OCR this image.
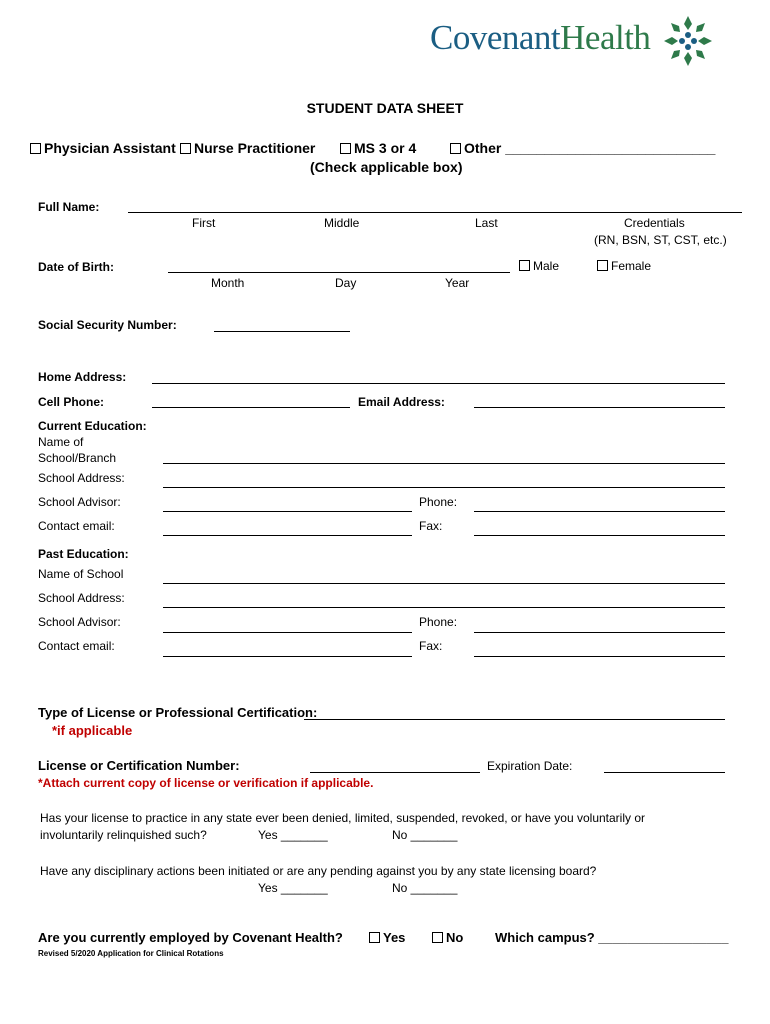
CovenantHealth
STUDENT DATA SHEET
Physician Assistant	Nurse Practitioner	MS 3 or 4	Other ___________________________
(Check applicable box)
Full Name:
First	Middle	Last	Credentials
(RN, BSN, ST, CST, etc.)
Date of Birth:	Male	Female
Month	Day	Year
Social Security Number:
Home Address:
Cell Phone:	Email Address:
Current Education:
Name of
School/Branch
School Address:
School Advisor:	Phone:
Contact email:	Fax:
Past Education:
Name of School
School Address:
School Advisor:	Phone:
Contact email:	Fax:
Type of License or Professional Certification:
*if applicable
License or Certification Number:	Expiration Date:
*Attach current copy of license or verification if applicable.
Has your license to practice in any state ever been denied, limited, suspended, revoked, or have you voluntarily or
involuntarily relinquished such?	Yes _______	No _______
Have any disciplinary actions been initiated or are any pending against you by any state licensing board?
Yes _______	No _______
Are you currently employed by Covenant Health?	Yes	No Which campus? __________________
Revised 5/2020 Application for Clinical Rotations
